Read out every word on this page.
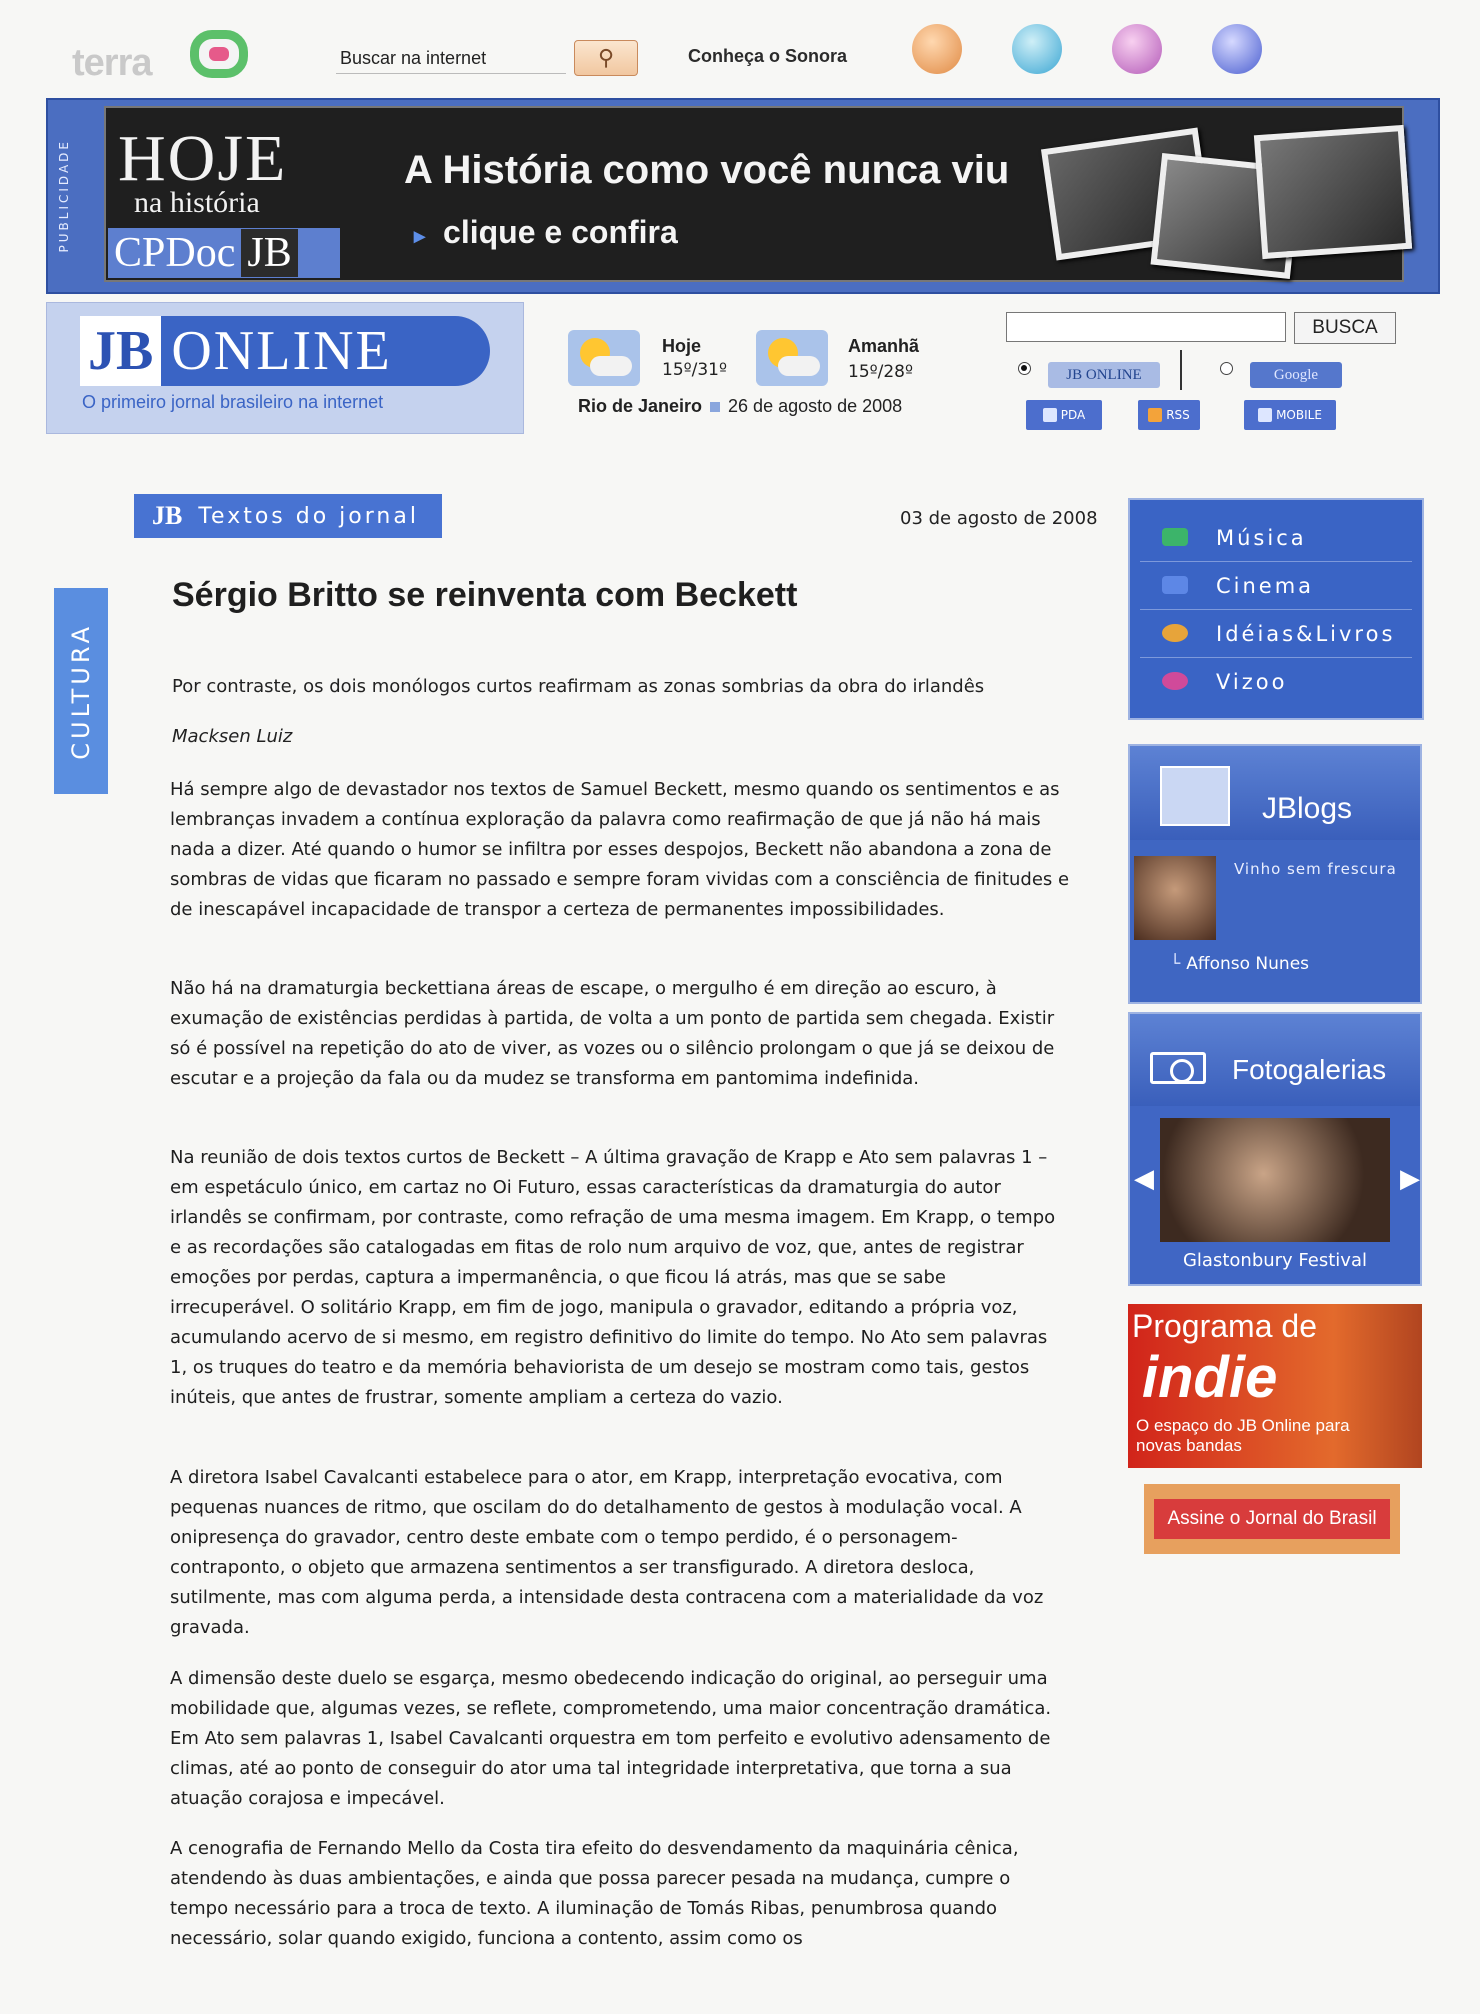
terra	Buscar na internet	⚲	Conheça o Sonora
PUBLICIDADE HOJE
na história
CPDoc JB
A História como você nunca viu
▸ clique e confira
JB ONLINE
O primeiro jornal brasileiro na internet
Hoje
15º/31º
Amanhã
15º/28º
Rio de Janeiro 26 de agosto de 2008
BUSCA
JB ONLINE	Google
PDA	RSS	MOBILE
JB Textos do jornal	03 de agosto de 2008
CULTURA
Sérgio Britto se reinventa com Beckett

Por contraste, os dois monólogos curtos reafirmam as zonas sombrias da obra do irlandês

Macksen Luiz

Há sempre algo de devastador nos textos de Samuel Beckett, mesmo quando os sentimentos e as lembranças invadem a contínua exploração da palavra como reafirmação de que já não há mais nada a dizer. Até quando o humor se infiltra por esses despojos, Beckett não abandona a zona de sombras de vidas que ficaram no passado e sempre foram vividas com a consciência de finitudes e de inescapável incapacidade de transpor a certeza de permanentes impossibilidades.

Não há na dramaturgia beckettiana áreas de escape, o mergulho é em direção ao escuro, à exumação de existências perdidas à partida, de volta a um ponto de partida sem chegada. Existir só é possível na repetição do ato de viver, as vozes ou o silêncio prolongam o que já se deixou de escutar e a projeção da fala ou da mudez se transforma em pantomima indefinida.

Na reunião de dois textos curtos de Beckett – A última gravação de Krapp e Ato sem palavras 1 – em espetáculo único, em cartaz no Oi Futuro, essas características da dramaturgia do autor irlandês se confirmam, por contraste, como refração de uma mesma imagem. Em Krapp, o tempo e as recordações são catalogadas em fitas de rolo num arquivo de voz, que, antes de registrar emoções por perdas, captura a impermanência, o que ficou lá atrás, mas que se sabe irrecuperável. O solitário Krapp, em fim de jogo, manipula o gravador, editando a própria voz, acumulando acervo de si mesmo, em registro definitivo do limite do tempo. No Ato sem palavras 1, os truques do teatro e da memória behaviorista de um desejo se mostram como tais, gestos inúteis, que antes de frustrar, somente ampliam a certeza do vazio.

A diretora Isabel Cavalcanti estabelece para o ator, em Krapp, interpretação evocativa, com pequenas nuances de ritmo, que oscilam do do detalhamento de gestos à modulação vocal. A onipresença do gravador, centro deste embate com o tempo perdido, é o personagem-contraponto, o objeto que armazena sentimentos a ser transfigurado. A diretora desloca, sutilmente, mas com alguma perda, a intensidade desta contracena com a materialidade da voz gravada.

A dimensão deste duelo se esgarça, mesmo obedecendo indicação do original, ao perseguir uma mobilidade que, algumas vezes, se reflete, comprometendo, uma maior concentração dramática. Em Ato sem palavras 1, Isabel Cavalcanti orquestra em tom perfeito e evolutivo adensamento de climas, até ao ponto de conseguir do ator uma tal integridade interpretativa, que torna a sua atuação corajosa e impecável.

A cenografia de Fernando Mello da Costa tira efeito do desvendamento da maquinária cênica, atendendo às duas ambientações, e ainda que possa parecer pesada na mudança, cumpre o tempo necessário para a troca de texto. A iluminação de Tomás Ribas, penumbrosa quando necessário, solar quando exigido, funciona a contento, assim como os

Música
Cinema
Idéias&Livros
Vizoo
JBlogs
Vinho sem frescura
└ Affonso Nunes
Fotogalerias
◀	▶
Glastonbury Festival
Programa de
indie
O espaço do JB Online para novas bandas
Assine o Jornal do Brasil
